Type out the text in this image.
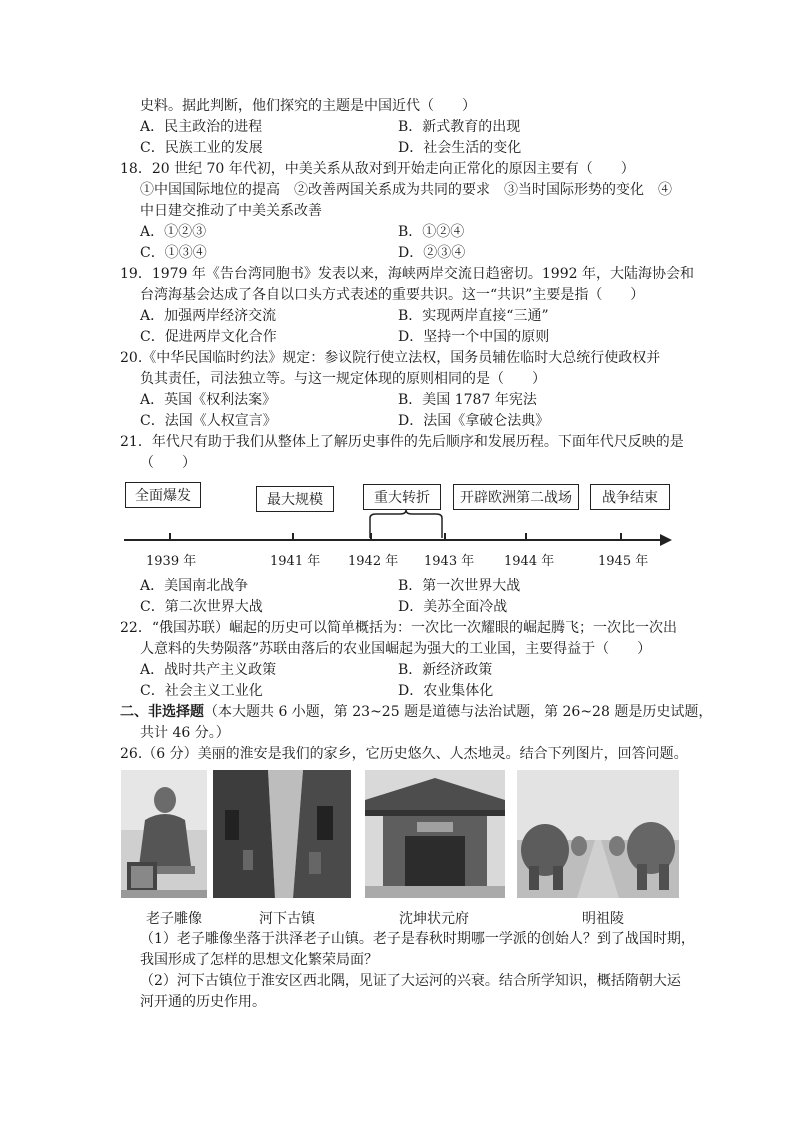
史料。据此判断，他们探究的主题是中国近代（　　）
A．民主政治的进程	B．新式教育的出现
C．民族工业的发展	D．社会生活的变化
18．20 世纪 70 年代初，中美关系从敌对到开始走向正常化的原因主要有（　　）
①中国国际地位的提高　②改善两国关系成为共同的要求　③当时国际形势的变化　④
中日建交推动了中美关系改善
A．①②③	B．①②④
C．①③④	D．②③④
19．1979 年《告台湾同胞书》发表以来，海峡两岸交流日趋密切。1992 年，大陆海协会和
台湾海基会达成了各自以口头方式表述的重要共识。这一“共识”主要是指（　　）
A．加强两岸经济交流	B．实现两岸直接“三通”
C．促进两岸文化合作	D．坚持一个中国的原则
20.《中华民国临时约法》规定：参议院行使立法权，国务员辅佐临时大总统行使政权并
负其责任，司法独立等。与这一规定体现的原则相同的是（　　）
A．英国《权利法案》	B．美国 1787 年宪法
C．法国《人权宣言》	D．法国《拿破仑法典》
21．年代尺有助于我们从整体上了解历史事件的先后顺序和发展历程。下面年代尺反映的是
（　　）
全面爆发	最大规模	重大转折	开辟欧洲第二战场	战争结束
1939 年	1941 年 1942 年 1943 年 1944 年	1945 年
A．美国南北战争	B．第一次世界大战
C．第二次世界大战	D．美苏全面冷战
22．“俄国苏联）崛起的历史可以简单概括为：一次比一次耀眼的崛起腾飞；一次比一次出
人意料的失势陨落”苏联由落后的农业国崛起为强大的工业国，主要得益于（　　）
A．战时共产主义政策	B．新经济政策
C．社会主义工业化	D．农业集体化
二、非选择题（本大题共 6 小题，第 23~25 题是道德与法治试题，第 26~28 题是历史试题，
共计 46 分。）
26.（6 分）美丽的淮安是我们的家乡，它历史悠久、人杰地灵。结合下列图片，回答问题。
老子雕像	河下古镇	沈坤状元府	明祖陵
（1）老子雕像坐落于洪泽老子山镇。老子是春秋时期哪一学派的创始人？到了战国时期，
我国形成了怎样的思想文化繁荣局面？
（2）河下古镇位于淮安区西北隅，见证了大运河的兴衰。结合所学知识，概括隋朝大运
河开通的历史作用。
